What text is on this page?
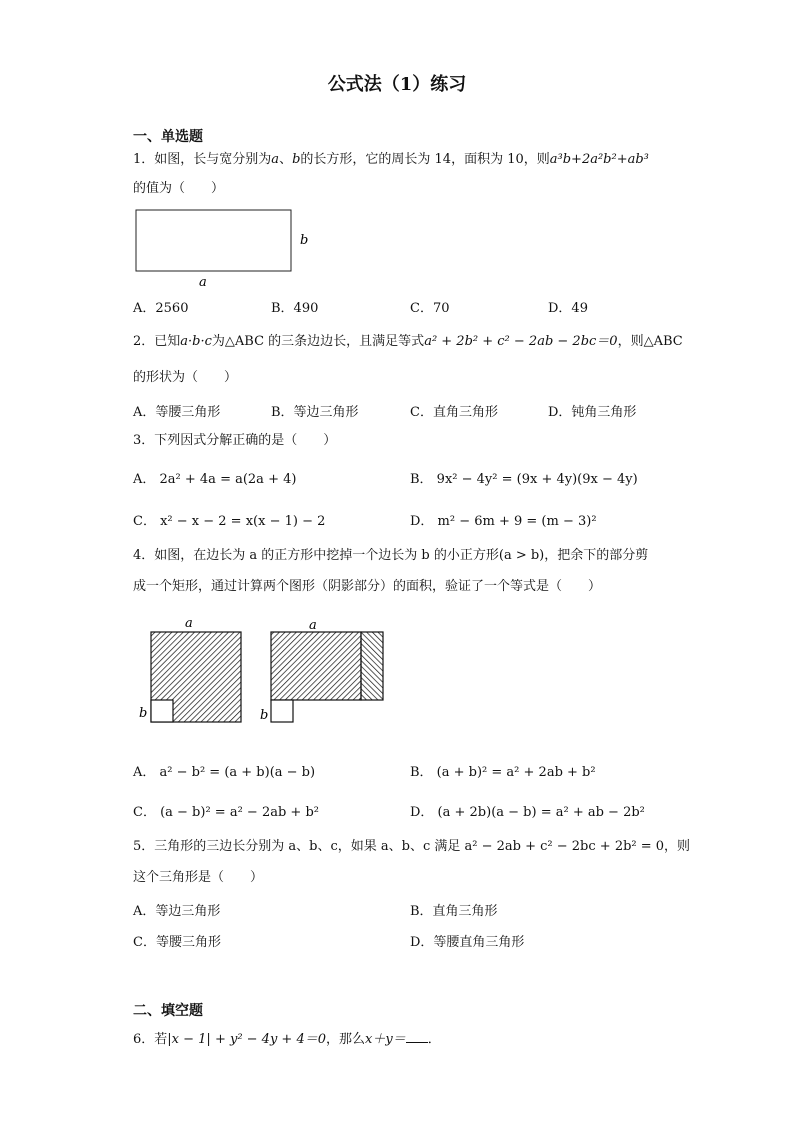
公式法（1）练习
一、单选题
1．如图，长与宽分别为a、b的长方形，它的周长为 14，面积为 10，则a³b+2a²b²+ab³
的值为（　　）
a
b
A．2560	B．490	C．70	D．49
2．已知a·b·c为△ABC 的三条边边长，且满足等式a² + 2b² + c² − 2ab − 2bc＝0，则△ABC
的形状为（　　）
A．等腰三角形	B．等边三角形	C．直角三角形	D．钝角三角形
3．下列因式分解正确的是（　　）
A． 2a² + 4a = a(2a + 4)	B． 9x² − 4y² = (9x + 4y)(9x − 4y)
C． x² − x − 2 = x(x − 1) − 2	D． m² − 6m + 9 = (m − 3)²
4．如图，在边长为 a 的正方形中挖掉一个边长为 b 的小正方形(a > b)，把余下的部分剪
成一个矩形，通过计算两个图形（阴影部分）的面积，验证了一个等式是（　　）
a
b
a
b
A． a² − b² = (a + b)(a − b)	B． (a + b)² = a² + 2ab + b²
C． (a − b)² = a² − 2ab + b²	D． (a + 2b)(a − b) = a² + ab − 2b²
5．三角形的三边长分别为 a、b、c，如果 a、b、c 满足 a² − 2ab + c² − 2bc + 2b² = 0，则
这个三角形是（　　）
A．等边三角形	B．直角三角形
C．等腰三角形	D．等腰直角三角形
二、填空题
6．若|x − 1| + y² − 4y + 4＝0，那么x＋y＝ ．
